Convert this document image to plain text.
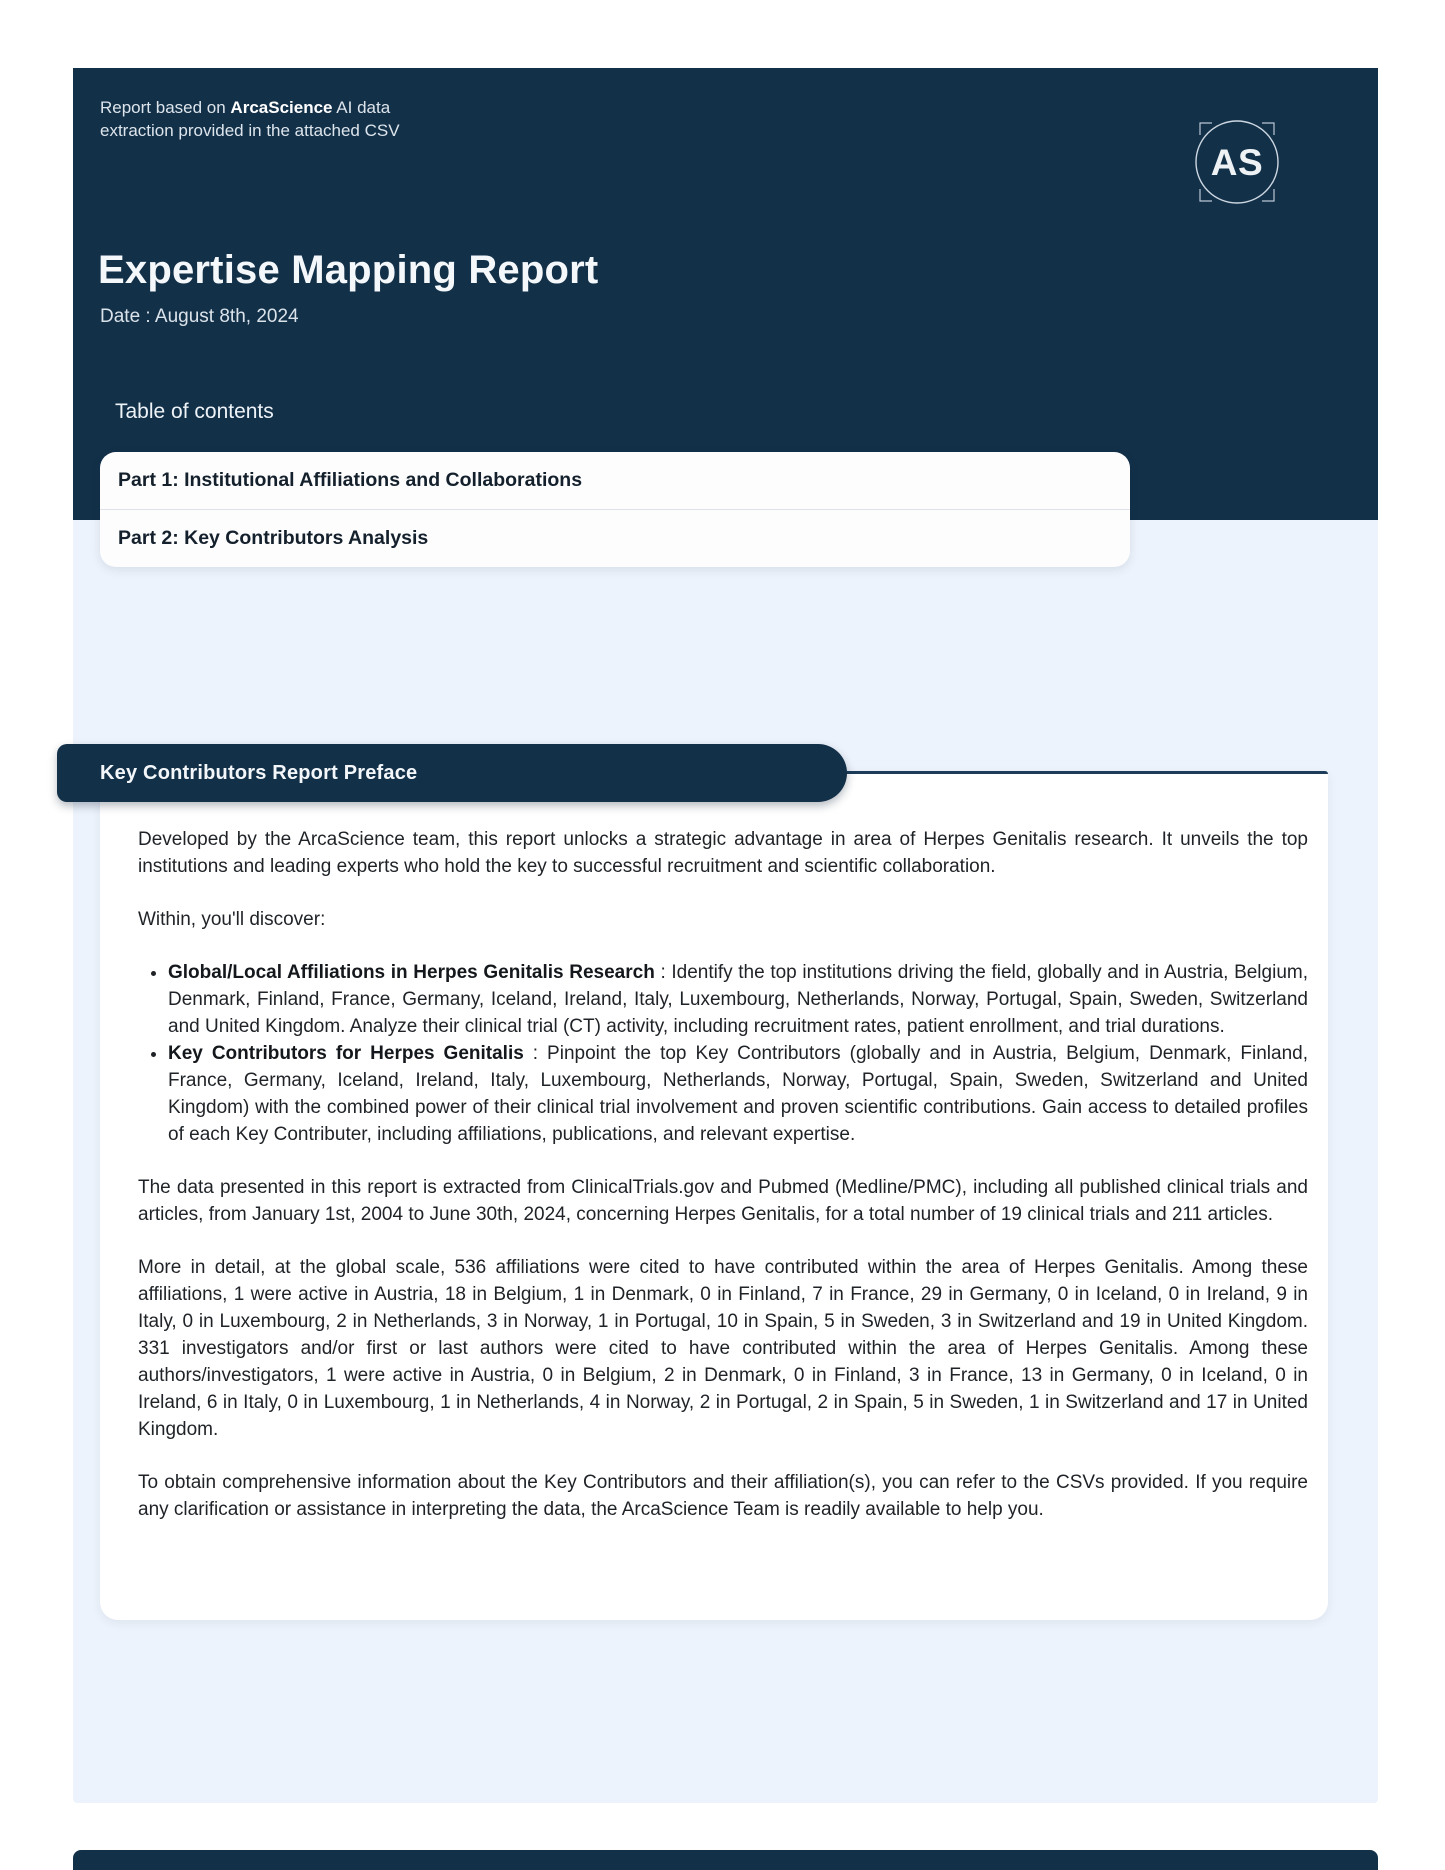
Report based on ArcaScience AI data extraction provided in the attached CSV
AS
Expertise Mapping Report
Date : August 8th, 2024
Table of contents
Part 1: Institutional Affiliations and Collaborations
Part 2: Key Contributors Analysis
Key Contributors Report Preface

Developed by the ArcaScience team, this report unlocks a strategic advantage in area of Herpes Genitalis research. It unveils the top institutions and leading experts who hold the key to successful recruitment and scientific collaboration.

Within, you'll discover:

• Global/Local Affiliations in Herpes Genitalis Research : Identify the top institutions driving the field, globally and in Austria, Belgium, Denmark, Finland, France, Germany, Iceland, Ireland, Italy, Luxembourg, Netherlands, Norway, Portugal, Spain, Sweden, Switzerland and United Kingdom. Analyze their clinical trial (CT) activity, including recruitment rates, patient enrollment, and trial durations.
• Key Contributors for Herpes Genitalis : Pinpoint the top Key Contributors (globally and in Austria, Belgium, Denmark, Finland, France, Germany, Iceland, Ireland, Italy, Luxembourg, Netherlands, Norway, Portugal, Spain, Sweden, Switzerland and United Kingdom) with the combined power of their clinical trial involvement and proven scientific contributions. Gain access to detailed profiles of each Key Contributer, including affiliations, publications, and relevant expertise.

The data presented in this report is extracted from ClinicalTrials.gov and Pubmed (Medline/PMC), including all published clinical trials and articles, from January 1st, 2004 to June 30th, 2024, concerning Herpes Genitalis, for a total number of 19 clinical trials and 211 articles.

More in detail, at the global scale, 536 affiliations were cited to have contributed within the area of Herpes Genitalis. Among these affiliations, 1 were active in Austria, 18 in Belgium, 1 in Denmark, 0 in Finland, 7 in France, 29 in Germany, 0 in Iceland, 0 in Ireland, 9 in Italy, 0 in Luxembourg, 2 in Netherlands, 3 in Norway, 1 in Portugal, 10 in Spain, 5 in Sweden, 3 in Switzerland and 19 in United Kingdom. 331 investigators and/or first or last authors were cited to have contributed within the area of Herpes Genitalis. Among these authors/investigators, 1 were active in Austria, 0 in Belgium, 2 in Denmark, 0 in Finland, 3 in France, 13 in Germany, 0 in Iceland, 0 in Ireland, 6 in Italy, 0 in Luxembourg, 1 in Netherlands, 4 in Norway, 2 in Portugal, 2 in Spain, 5 in Sweden, 1 in Switzerland and 17 in United Kingdom.

To obtain comprehensive information about the Key Contributors and their affiliation(s), you can refer to the CSVs provided. If you require any clarification or assistance in interpreting the data, the ArcaScience Team is readily available to help you.
